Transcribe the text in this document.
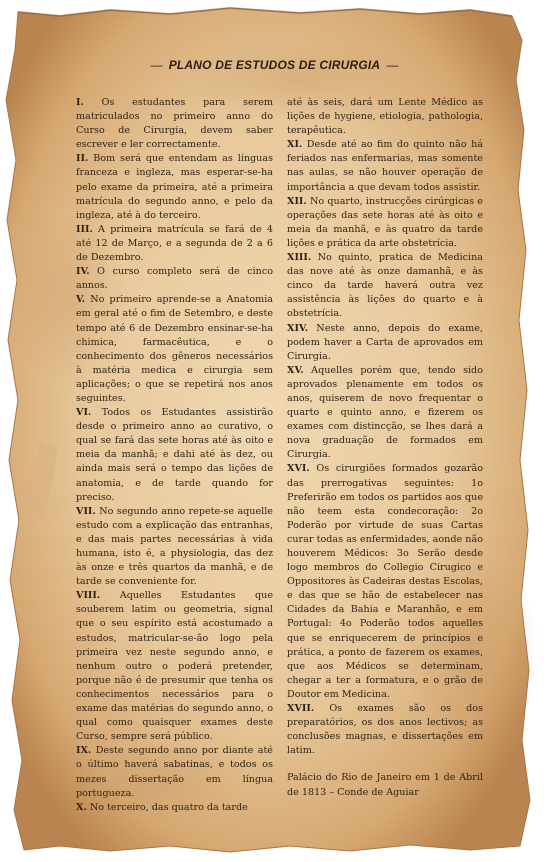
— PLANO DE ESTUDOS DE CIRURGIA —

I. Os estudantes para serem matriculados no primeiro anno do Curso de Cirurgia, devem saber escrever e ler correctamente.

II. Bom será que entendam as línguas franceza e ingleza, mas esperar-se-ha pelo exame da primeira, até a primeira matrícula do segundo anno, e pelo da ingleza, até à do terceiro.

III. A primeira matrícula se fará de 4 até 12 de Março, e a segunda de 2 a 6 de Dezembro.

IV. O curso completo será de cinco annos.

V. No primeiro aprende-se a Anatomia em geral até o fim de Setembro, e deste tempo até 6 de Dezembro ensinar-se-ha chimica, farmacêutica, e o conhecimento dos gêneros necessários à matéria medica e cirurgia sem aplicações; o que se repetirá nos anos seguintes.

VI. Todos os Estudantes assistirão desde o primeiro anno ao curativo, o qual se fará das sete horas até às oito e meia da manhã; e dahi até às dez, ou ainda mais será o tempo das lições de anatomia, e de tarde quando for preciso.

VII. No segundo anno repete-se aquelle estudo com a explicação das entranhas, e das mais partes necessárias à vida humana, isto é, a physiologia, das dez às onze e três quartos da manhã, e de tarde se conveniente for.

VIII. Aquelles Estudantes que souberem latim ou geometria, signal que o seu espírito está acostumado a estudos, matricular-se-ão logo pela primeira vez neste segundo anno, e nenhum outro o poderá pretender, porque não é de presumir que tenha os conhecimentos necessários para o exame das matérias do segundo anno, o qual como quaisquer exames deste Curso, sempre será público.

IX. Deste segundo anno por diante até o último haverá sabatinas, e todos os mezes dissertação em língua portugueza.

X. No terceiro, das quatro da tarde

até às seis, dará um Lente Médico as lições de hygiene, etiologia, pathologia, terapêutica.

XI. Desde até ao fim do quinto não há feriados nas enfermarias, mas somente nas aulas, se não houver operação de importância a que devam todos assistir.

XII. No quarto, instrucções cirúrgicas e operações das sete horas até às oito e meia da manhã, e às quatro da tarde lições e prática da arte obstetrícia.

XIII. No quinto, pratica de Medicina das nove até às onze damanhã, e às cinco da tarde haverá outra vez assistência às lições do quarto e à obstetrícia.

XIV. Neste anno, depois do exame, podem haver a Carta de aprovados em Cirurgia.

XV. Aquelles porém que, tendo sido aprovados plenamente em todos os anos, quiserem de novo frequentar o quarto e quinto anno, e fizerem os exames com distincção, se lhes dará a nova graduação de formados em Cirurgia.

XVI. Os cirurgiões formados gozarão das prerrogativas seguintes: 1o Preferirão em todos os partidos aos que não teem esta condecoração: 2o Poderão por virtude de suas Cartas curar todas as enfermidades, aonde não houverem Médicos: 3o Serão desde logo membros do Collegio Cirugico e Oppositores às Cadeiras destas Escolas, e das que se hão de estabelecer nas Cidades da Bahia e Maranhão, e em Portugal: 4o Poderão todos aquelles que se enriquecerem de princípios e prática, a ponto de fazerem os exames, que aos Médicos se determinam, chegar a ter a formatura, e o grão de Doutor em Medicina.

XVII. Os exames são os dos preparatórios, os dos anos lectivos; as conclusões magnas, e dissertações em latim.

Palácio do Rio de Janeiro em 1 de Abril de 1813 – Conde de Aguiar
